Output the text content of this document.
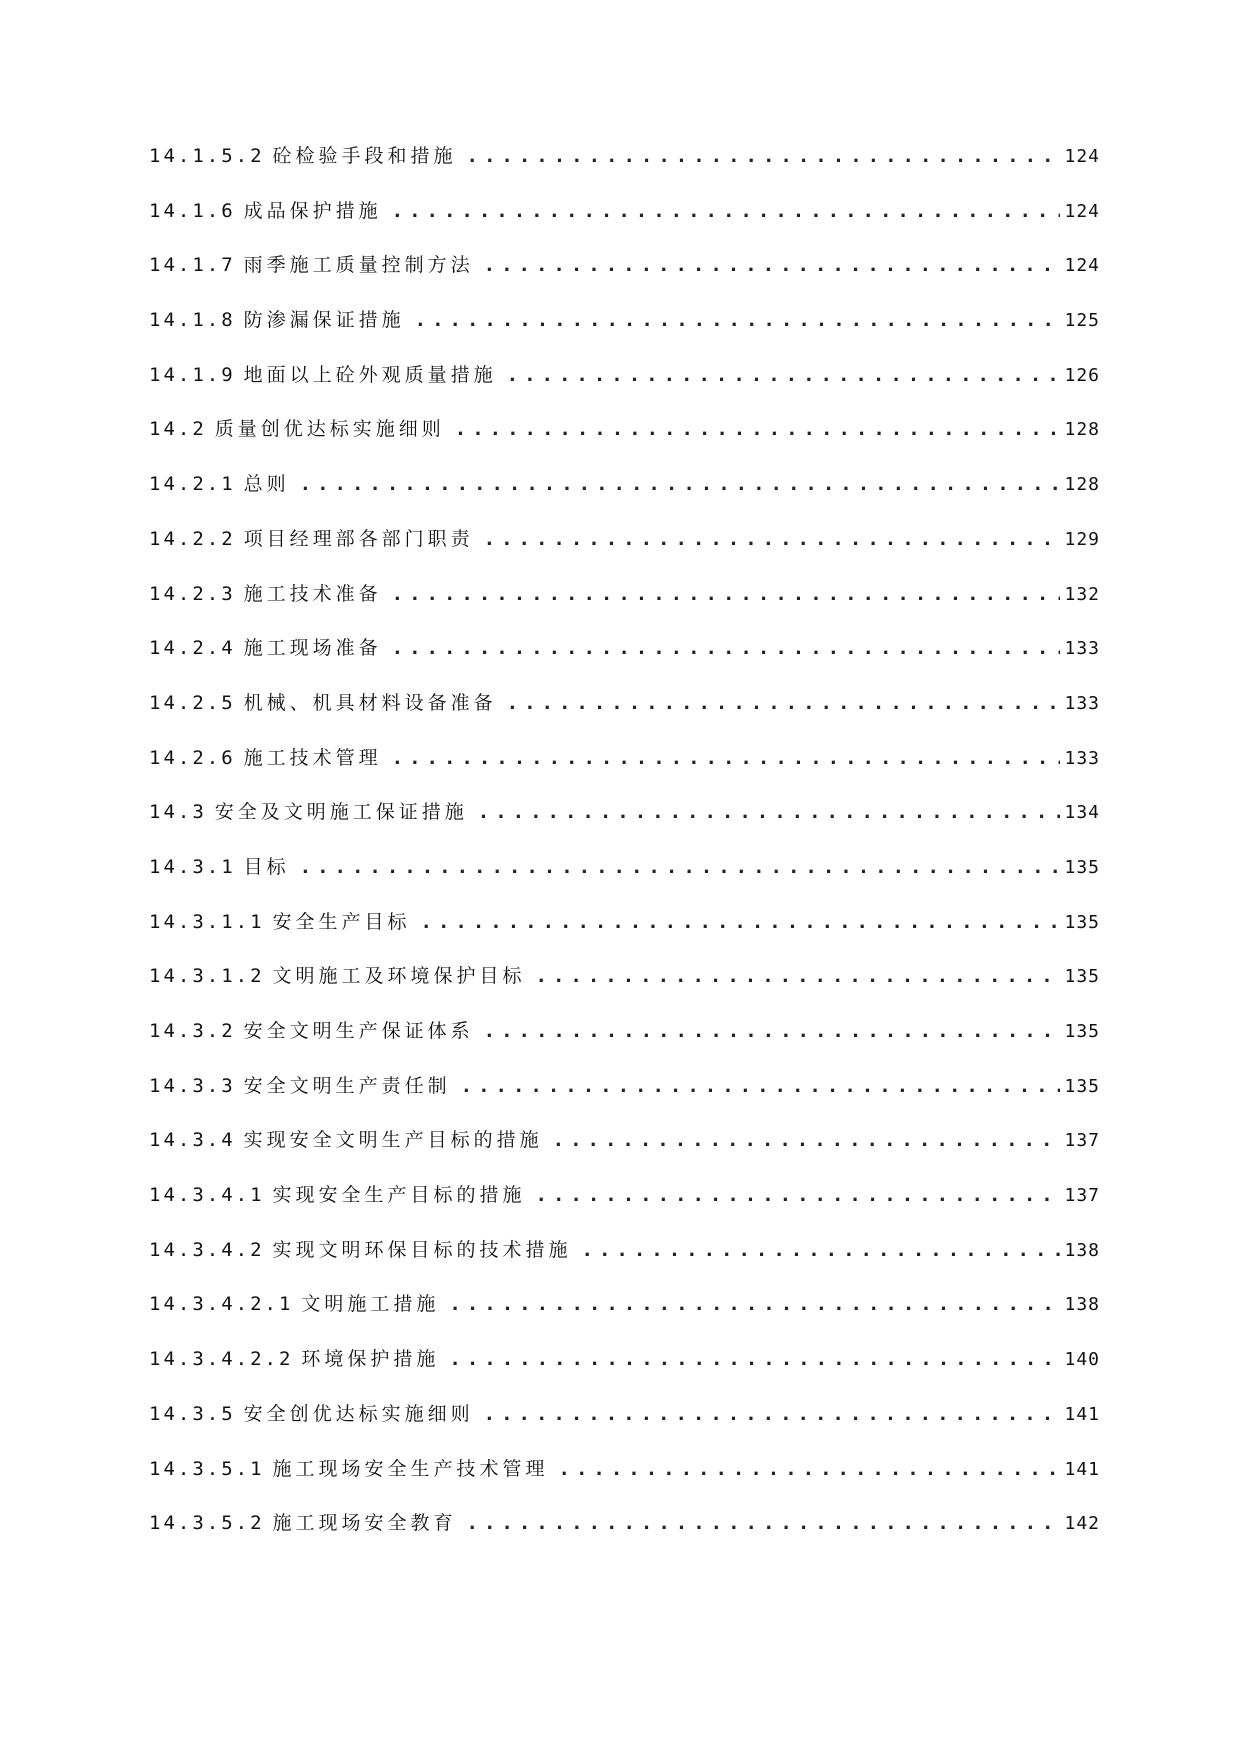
14.1.5.2 砼检验手段和措施 .....	124
14.1.6 成品保护措施 .....	124
14.1.7 雨季施工质量控制方法 .....	124
14.1.8 防渗漏保证措施 .....	125
14.1.9 地面以上砼外观质量措施 .....	126
14.2 质量创优达标实施细则 .....	128
14.2.1 总则 .....	128
14.2.2 项目经理部各部门职责 .....	129
14.2.3 施工技术准备 .....	132
14.2.4 施工现场准备 .....	133
14.2.5 机械、机具材料设备准备 .....	133
14.2.6 施工技术管理 .....	133
14.3 安全及文明施工保证措施 .....	134
14.3.1 目标 .....	135
14.3.1.1 安全生产目标 .....	135
14.3.1.2 文明施工及环境保护目标 .....	135
14.3.2 安全文明生产保证体系 .....	135
14.3.3 安全文明生产责任制 .....	135
14.3.4 实现安全文明生产目标的措施 .....	137
14.3.4.1 实现安全生产目标的措施 .....	137
14.3.4.2 实现文明环保目标的技术措施 .....	138
14.3.4.2.1 文明施工措施 .....	138
14.3.4.2.2 环境保护措施 .....	140
14.3.5 安全创优达标实施细则 .....	141
14.3.5.1 施工现场安全生产技术管理 .....	141
14.3.5.2 施工现场安全教育 .....	142
